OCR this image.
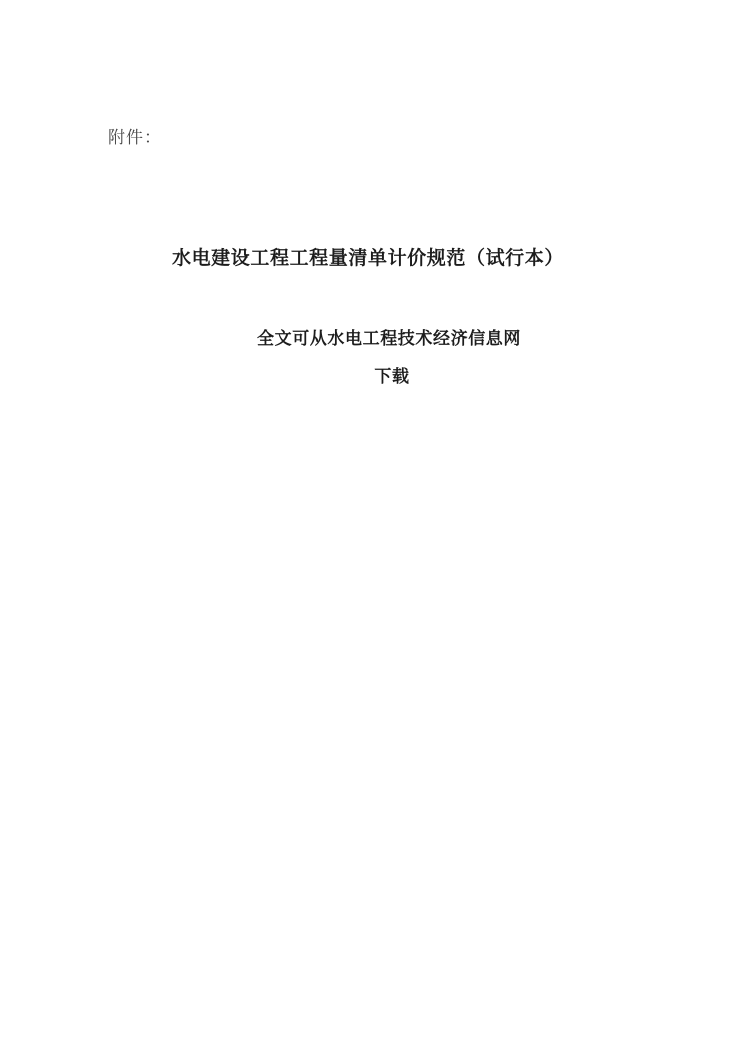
附件：
水电建设工程工程量清单计价规范（试行本）
全文可从水电工程技术经济信息网
下载
